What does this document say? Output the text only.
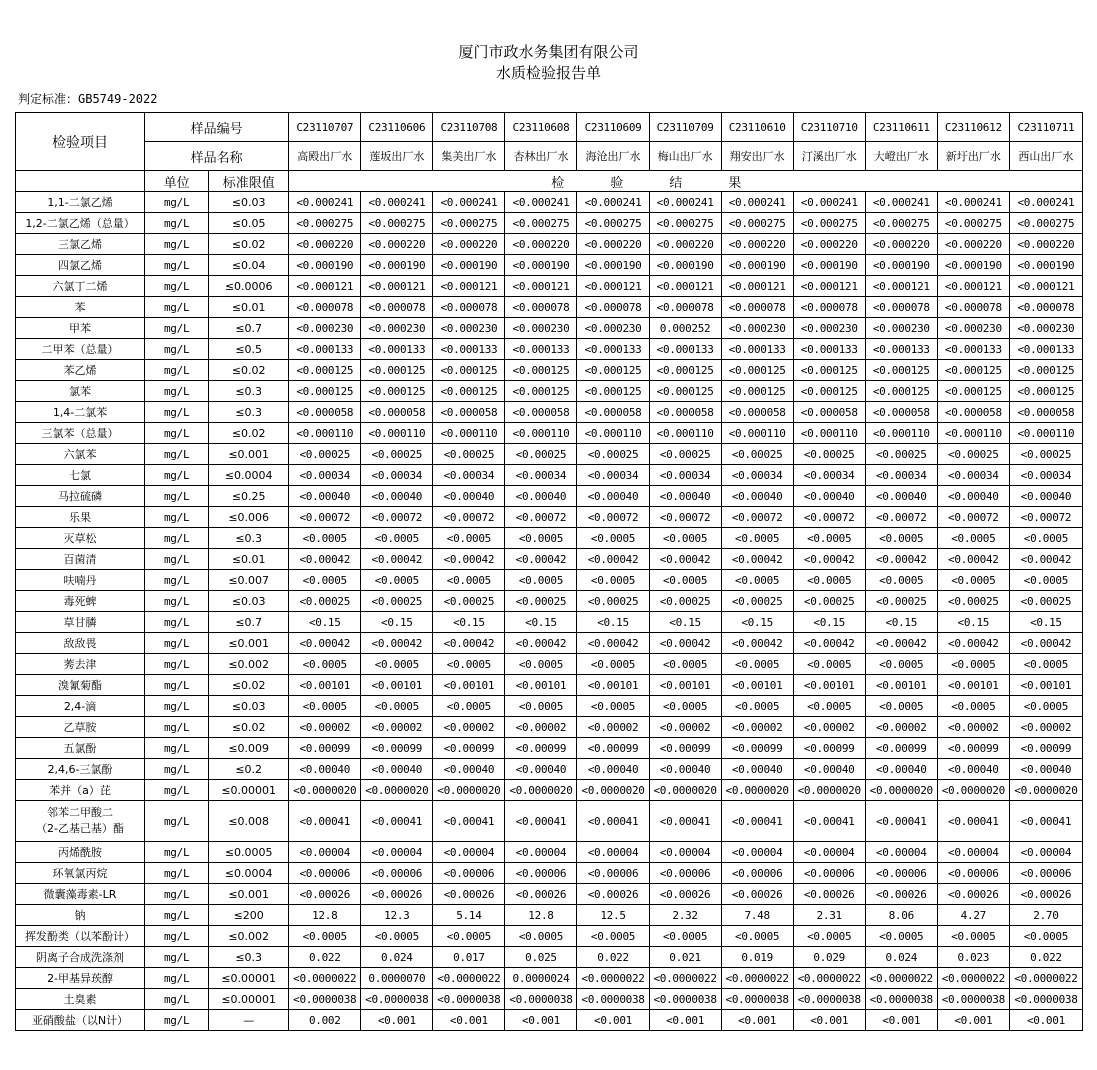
厦门市政水务集团有限公司
水质检验报告单
判定标准：GB5749-2022
检验项目	样品编号		C23110707	C23110606	C23110708	C23110608	C23110609	C23110709	C23110610	C23110710	C23110611	C23110612	C23110711
	样品名称		高殿出厂水	莲坂出厂水	集美出厂水	杏林出厂水	海沧出厂水	梅山出厂水	翔安出厂水	汀溪出厂水	大嶝出厂水	新圩出厂水	西山出厂水
	单位	标准限值	检 验 结 果										
1,1-二氯乙烯	mg/L	≤0.03	<0.000241	<0.000241	<0.000241	<0.000241	<0.000241	<0.000241	<0.000241	<0.000241	<0.000241	<0.000241	<0.000241
1,2-二氯乙烯（总量）	mg/L	≤0.05	<0.000275	<0.000275	<0.000275	<0.000275	<0.000275	<0.000275	<0.000275	<0.000275	<0.000275	<0.000275	<0.000275
三氯乙烯	mg/L	≤0.02	<0.000220	<0.000220	<0.000220	<0.000220	<0.000220	<0.000220	<0.000220	<0.000220	<0.000220	<0.000220	<0.000220
四氯乙烯	mg/L	≤0.04	<0.000190	<0.000190	<0.000190	<0.000190	<0.000190	<0.000190	<0.000190	<0.000190	<0.000190	<0.000190	<0.000190
六氯丁二烯	mg/L	≤0.0006	<0.000121	<0.000121	<0.000121	<0.000121	<0.000121	<0.000121	<0.000121	<0.000121	<0.000121	<0.000121	<0.000121
苯	mg/L	≤0.01	<0.000078	<0.000078	<0.000078	<0.000078	<0.000078	<0.000078	<0.000078	<0.000078	<0.000078	<0.000078	<0.000078
甲苯	mg/L	≤0.7	<0.000230	<0.000230	<0.000230	<0.000230	<0.000230	0.000252	<0.000230	<0.000230	<0.000230	<0.000230	<0.000230
二甲苯（总量）	mg/L	≤0.5	<0.000133	<0.000133	<0.000133	<0.000133	<0.000133	<0.000133	<0.000133	<0.000133	<0.000133	<0.000133	<0.000133
苯乙烯	mg/L	≤0.02	<0.000125	<0.000125	<0.000125	<0.000125	<0.000125	<0.000125	<0.000125	<0.000125	<0.000125	<0.000125	<0.000125
氯苯	mg/L	≤0.3	<0.000125	<0.000125	<0.000125	<0.000125	<0.000125	<0.000125	<0.000125	<0.000125	<0.000125	<0.000125	<0.000125
1,4-二氯苯	mg/L	≤0.3	<0.000058	<0.000058	<0.000058	<0.000058	<0.000058	<0.000058	<0.000058	<0.000058	<0.000058	<0.000058	<0.000058
三氯苯（总量）	mg/L	≤0.02	<0.000110	<0.000110	<0.000110	<0.000110	<0.000110	<0.000110	<0.000110	<0.000110	<0.000110	<0.000110	<0.000110
六氯苯	mg/L	≤0.001	<0.00025	<0.00025	<0.00025	<0.00025	<0.00025	<0.00025	<0.00025	<0.00025	<0.00025	<0.00025	<0.00025
七氯	mg/L	≤0.0004	<0.00034	<0.00034	<0.00034	<0.00034	<0.00034	<0.00034	<0.00034	<0.00034	<0.00034	<0.00034	<0.00034
马拉硫磷	mg/L	≤0.25	<0.00040	<0.00040	<0.00040	<0.00040	<0.00040	<0.00040	<0.00040	<0.00040	<0.00040	<0.00040	<0.00040
乐果	mg/L	≤0.006	<0.00072	<0.00072	<0.00072	<0.00072	<0.00072	<0.00072	<0.00072	<0.00072	<0.00072	<0.00072	<0.00072
灭草松	mg/L	≤0.3	<0.0005	<0.0005	<0.0005	<0.0005	<0.0005	<0.0005	<0.0005	<0.0005	<0.0005	<0.0005	<0.0005
百菌清	mg/L	≤0.01	<0.00042	<0.00042	<0.00042	<0.00042	<0.00042	<0.00042	<0.00042	<0.00042	<0.00042	<0.00042	<0.00042
呋喃丹	mg/L	≤0.007	<0.0005	<0.0005	<0.0005	<0.0005	<0.0005	<0.0005	<0.0005	<0.0005	<0.0005	<0.0005	<0.0005
毒死蜱	mg/L	≤0.03	<0.00025	<0.00025	<0.00025	<0.00025	<0.00025	<0.00025	<0.00025	<0.00025	<0.00025	<0.00025	<0.00025
草甘膦	mg/L	≤0.7	<0.15	<0.15	<0.15	<0.15	<0.15	<0.15	<0.15	<0.15	<0.15	<0.15	<0.15
敌敌畏	mg/L	≤0.001	<0.00042	<0.00042	<0.00042	<0.00042	<0.00042	<0.00042	<0.00042	<0.00042	<0.00042	<0.00042	<0.00042
莠去津	mg/L	≤0.002	<0.0005	<0.0005	<0.0005	<0.0005	<0.0005	<0.0005	<0.0005	<0.0005	<0.0005	<0.0005	<0.0005
溴氰菊酯	mg/L	≤0.02	<0.00101	<0.00101	<0.00101	<0.00101	<0.00101	<0.00101	<0.00101	<0.00101	<0.00101	<0.00101	<0.00101
2,4-滴	mg/L	≤0.03	<0.0005	<0.0005	<0.0005	<0.0005	<0.0005	<0.0005	<0.0005	<0.0005	<0.0005	<0.0005	<0.0005
乙草胺	mg/L	≤0.02	<0.00002	<0.00002	<0.00002	<0.00002	<0.00002	<0.00002	<0.00002	<0.00002	<0.00002	<0.00002	<0.00002
五氯酚	mg/L	≤0.009	<0.00099	<0.00099	<0.00099	<0.00099	<0.00099	<0.00099	<0.00099	<0.00099	<0.00099	<0.00099	<0.00099
2,4,6-三氯酚	mg/L	≤0.2	<0.00040	<0.00040	<0.00040	<0.00040	<0.00040	<0.00040	<0.00040	<0.00040	<0.00040	<0.00040	<0.00040
苯并（a）芘	mg/L	≤0.00001	<0.0000020	<0.0000020	<0.0000020	<0.0000020	<0.0000020	<0.0000020	<0.0000020	<0.0000020	<0.0000020	<0.0000020	<0.0000020

邻苯二甲酸二
（2-乙基己基）酯	mg/L	≤0.008	<0.00041	<0.00041	<0.00041	<0.00041	<0.00041	<0.00041	<0.00041	<0.00041	<0.00041	<0.00041	<0.00041
丙烯酰胺	mg/L	≤0.0005	<0.00004	<0.00004	<0.00004	<0.00004	<0.00004	<0.00004	<0.00004	<0.00004	<0.00004	<0.00004	<0.00004
环氧氯丙烷	mg/L	≤0.0004	<0.00006	<0.00006	<0.00006	<0.00006	<0.00006	<0.00006	<0.00006	<0.00006	<0.00006	<0.00006	<0.00006
微囊藻毒素-LR	mg/L	≤0.001	<0.00026	<0.00026	<0.00026	<0.00026	<0.00026	<0.00026	<0.00026	<0.00026	<0.00026	<0.00026	<0.00026
钠	mg/L	≤200	12.8	12.3	5.14	12.8	12.5	2.32	7.48	2.31	8.06	4.27	2.70
挥发酚类（以苯酚计）	mg/L	≤0.002	<0.0005	<0.0005	<0.0005	<0.0005	<0.0005	<0.0005	<0.0005	<0.0005	<0.0005	<0.0005	<0.0005
阴离子合成洗涤剂	mg/L	≤0.3	0.022	0.024	0.017	0.025	0.022	0.021	0.019	0.029	0.024	0.023	0.022
2-甲基异莰醇	mg/L	≤0.00001	<0.0000022	0.0000070	<0.0000022	0.0000024	<0.0000022	<0.0000022	<0.0000022	<0.0000022	<0.0000022	<0.0000022	<0.0000022
土臭素	mg/L	≤0.00001	<0.0000038	<0.0000038	<0.0000038	<0.0000038	<0.0000038	<0.0000038	<0.0000038	<0.0000038	<0.0000038	<0.0000038	<0.0000038
亚硝酸盐（以N计）	mg/L	—	0.002	<0.001	<0.001	<0.001	<0.001	<0.001	<0.001	<0.001	<0.001	<0.001	<0.001
